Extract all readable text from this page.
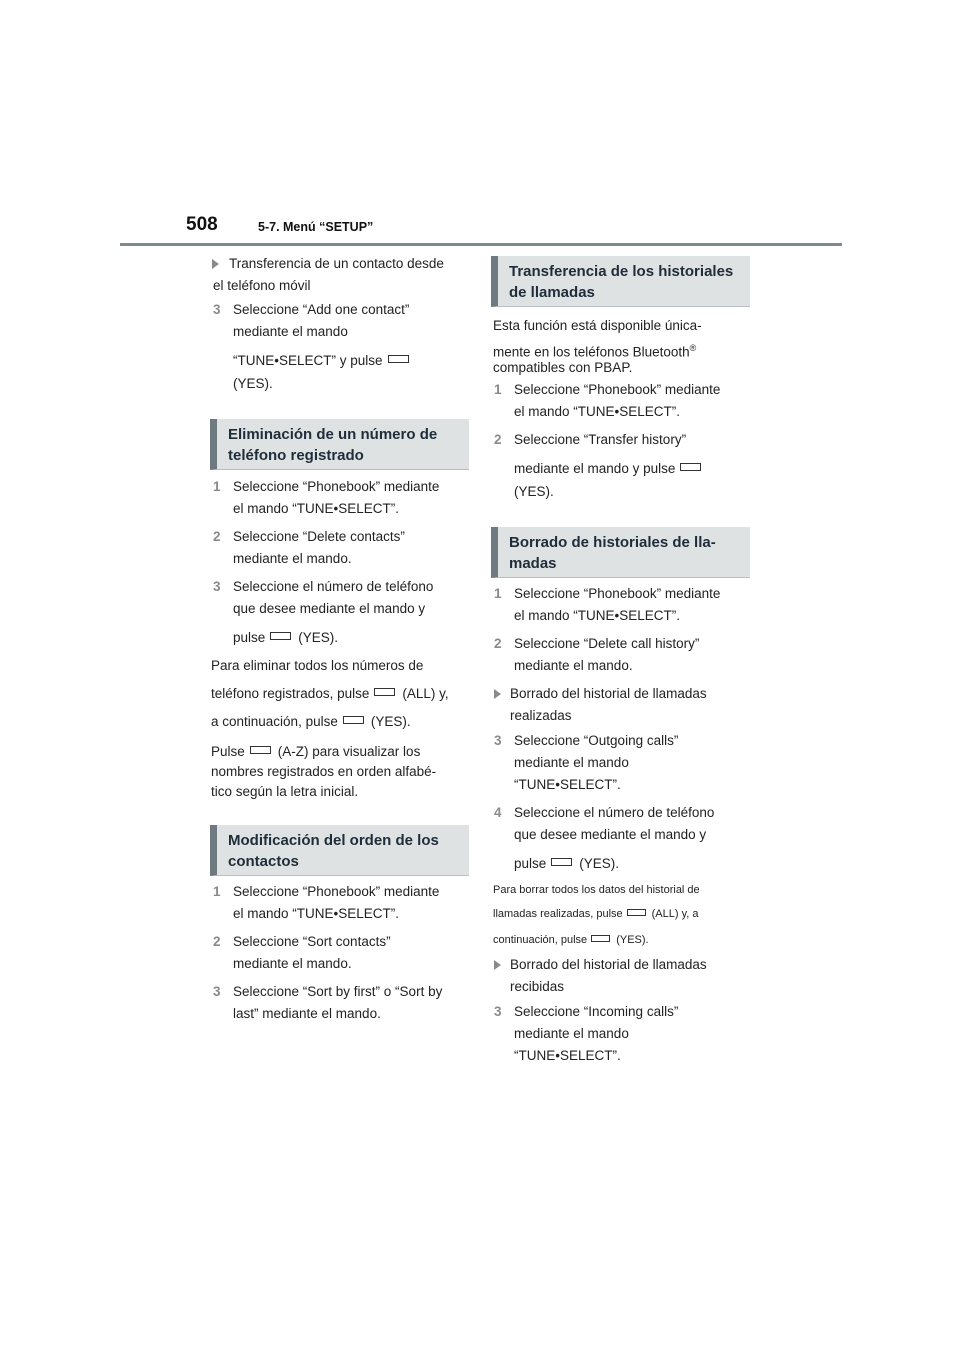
508	5-7. Menú “SETUP”
Transferencia de un contacto desde
el teléfono móvil
3 Seleccione “Add one contact”
mediante el mando
“TUNE•SELECT” y pulse
(YES).
Eliminación de un número de
teléfono registrado
1 Seleccione “Phonebook” mediante
el mando “TUNE•SELECT”.
2 Seleccione “Delete contacts”
mediante el mando.
3 Seleccione el número de teléfono
que desee mediante el mando y
pulse (YES).
Para eliminar todos los números de
teléfono registrados, pulse (ALL) y,
a continuación, pulse (YES).
Pulse (A-Z) para visualizar los
nombres registrados en orden alfabé-
tico según la letra inicial.
Modificación del orden de los
contactos
1 Seleccione “Phonebook” mediante
el mando “TUNE•SELECT”.
2 Seleccione “Sort contacts”
mediante el mando.
3 Seleccione “Sort by first” o “Sort by
last” mediante el mando.
Transferencia de los historiales
de llamadas
Esta función está disponible única-
mente en los teléfonos Bluetooth®
compatibles con PBAP.
1 Seleccione “Phonebook” mediante
el mando “TUNE•SELECT”.
2 Seleccione “Transfer history”
mediante el mando y pulse
(YES).
Borrado de historiales de lla-
madas
1 Seleccione “Phonebook” mediante
el mando “TUNE•SELECT”.
2 Seleccione “Delete call history”
mediante el mando.
Borrado del historial de llamadas
realizadas
3 Seleccione “Outgoing calls”
mediante el mando
“TUNE•SELECT”.
4 Seleccione el número de teléfono
que desee mediante el mando y
pulse (YES).
Para borrar todos los datos del historial de
llamadas realizadas, pulse	(ALL) y, a
continuación, pulse	(YES).
Borrado del historial de llamadas
recibidas
3 Seleccione “Incoming calls”
mediante el mando
“TUNE•SELECT”.
